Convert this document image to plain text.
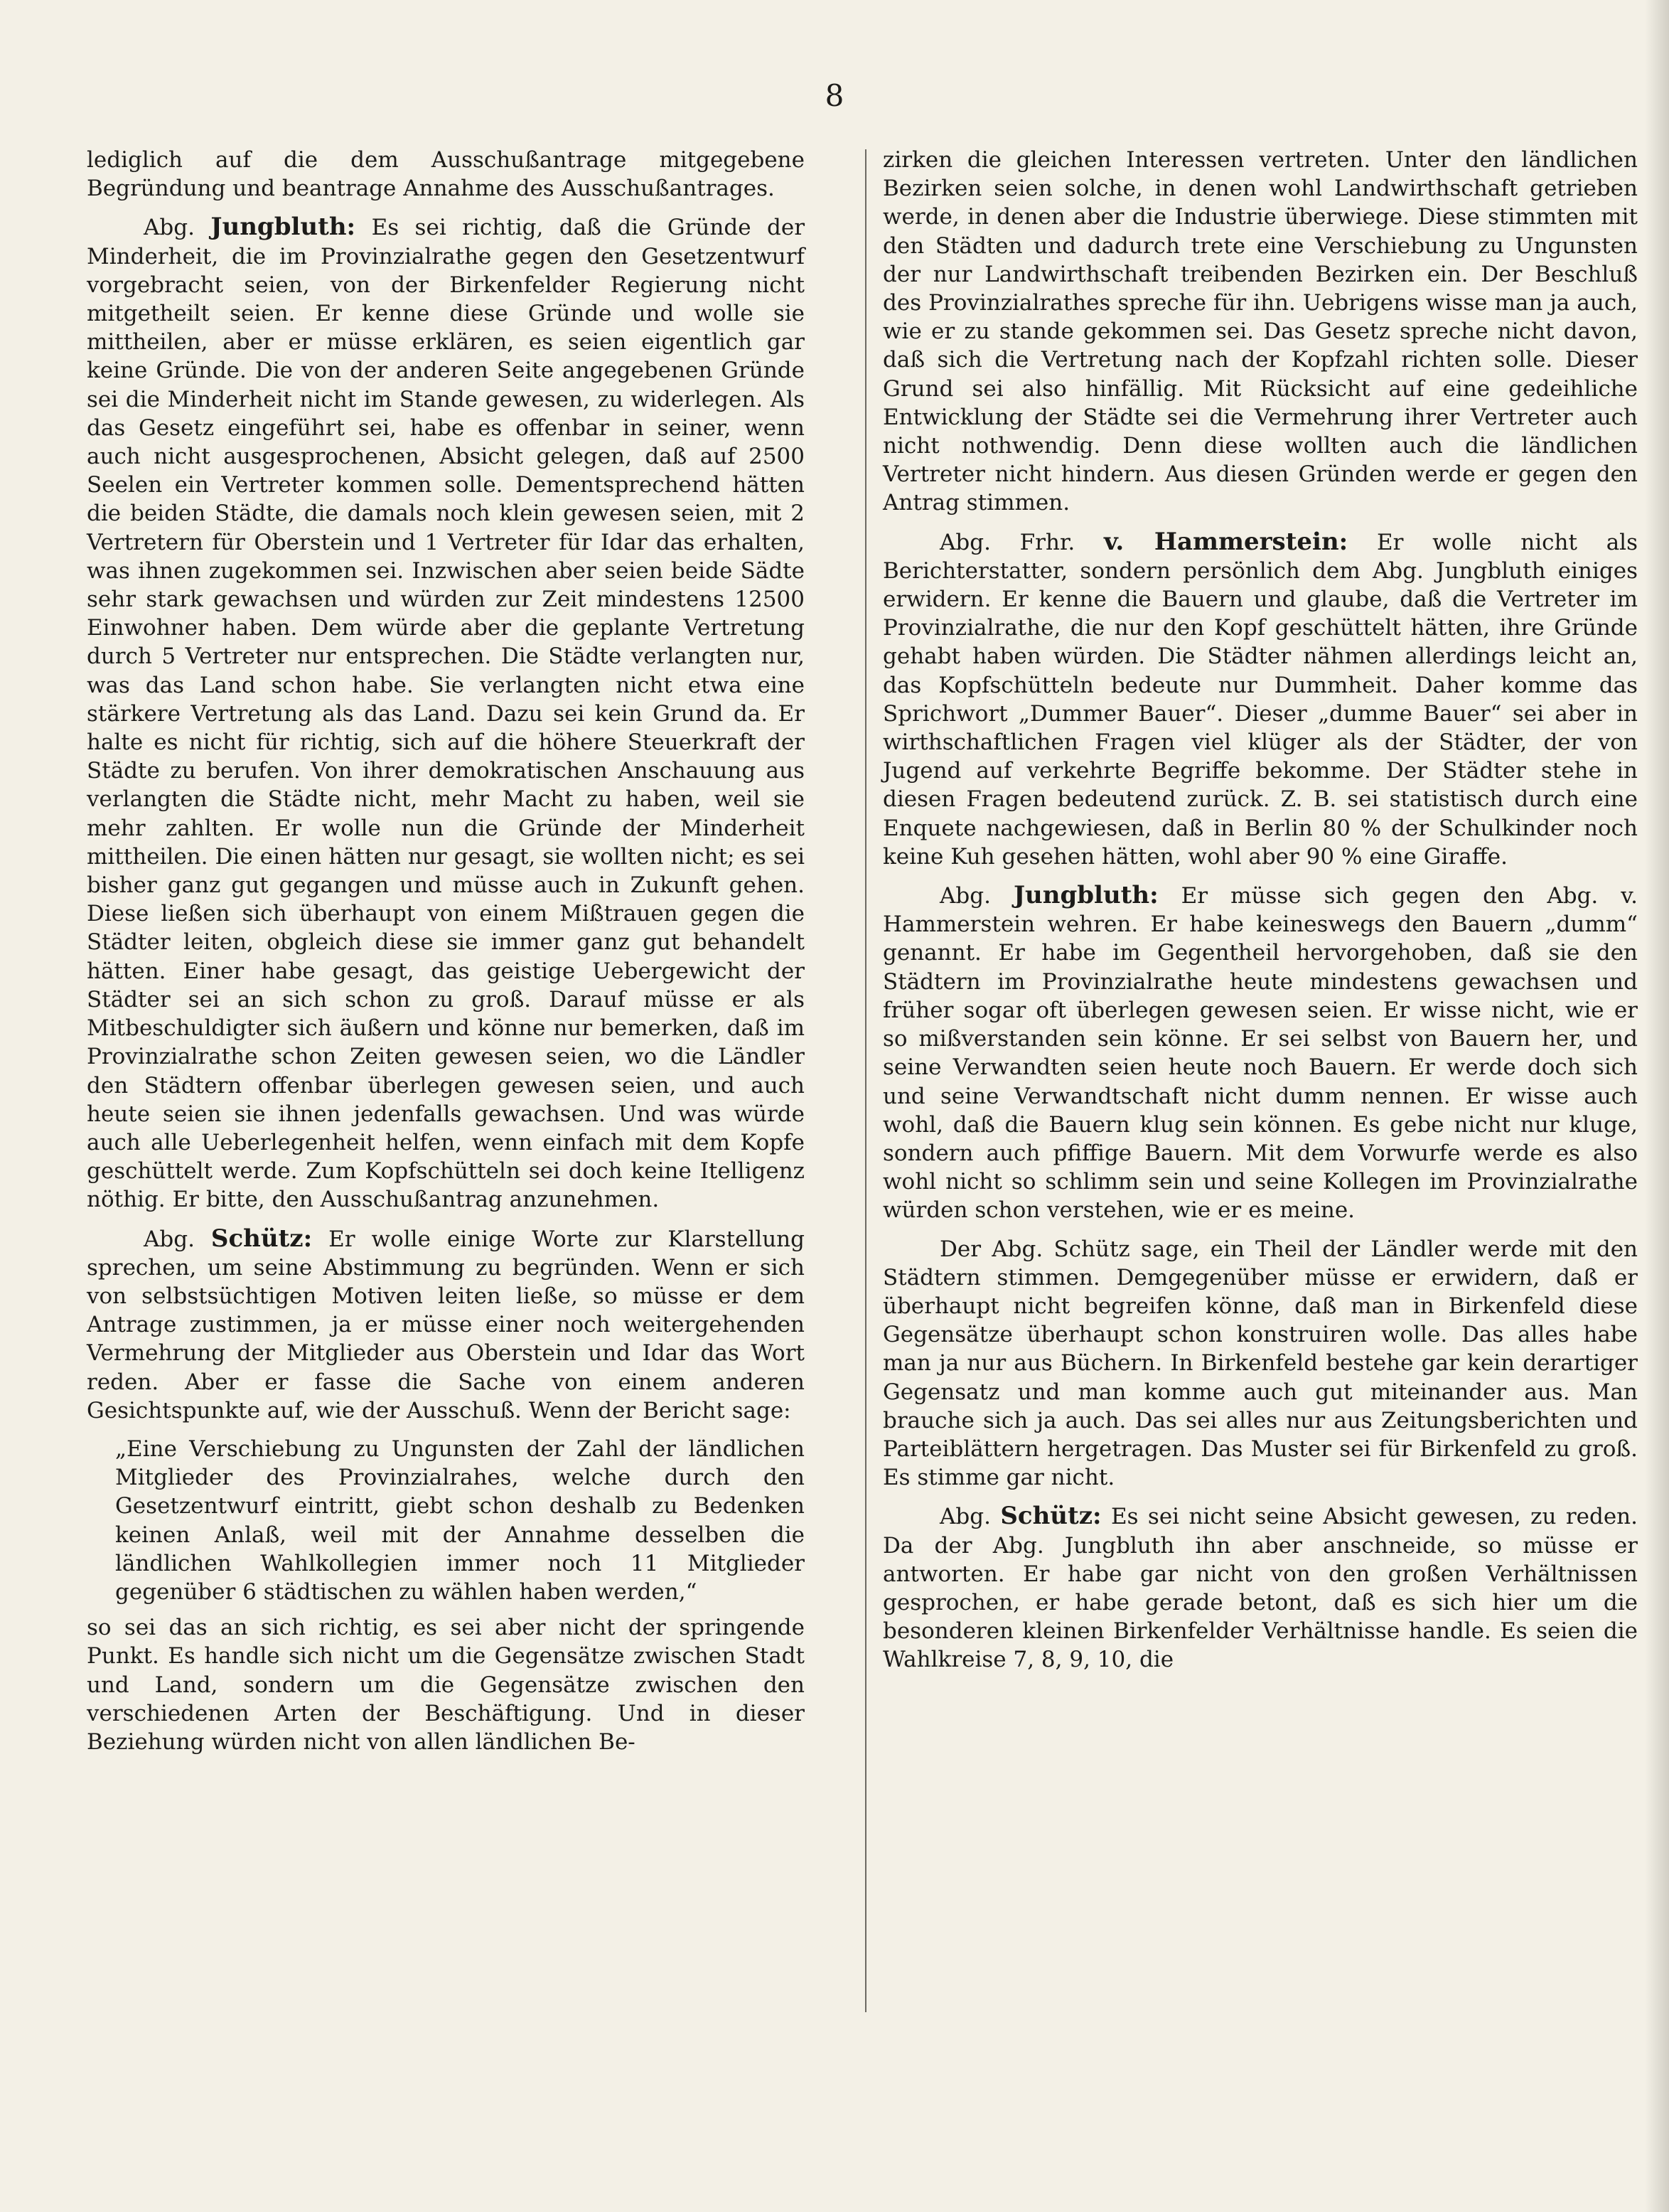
8

lediglich auf die dem Ausschußantrage mitgegebene Begründung und beantrage Annahme des Ausschußantrages.

Abg. Jungbluth: Es sei richtig, daß die Gründe der Minderheit, die im Provinzialrathe gegen den Gesetzentwurf vorgebracht seien, von der Birkenfelder Regierung nicht mitgetheilt seien. Er kenne diese Gründe und wolle sie mittheilen, aber er müsse erklären, es seien eigentlich gar keine Gründe. Die von der anderen Seite angegebenen Gründe sei die Minderheit nicht im Stande gewesen, zu widerlegen. Als das Gesetz eingeführt sei, habe es offenbar in seiner, wenn auch nicht ausgesprochenen, Absicht gelegen, daß auf 2500 Seelen ein Vertreter kommen solle. Dementsprechend hätten die beiden Städte, die damals noch klein gewesen seien, mit 2 Vertretern für Oberstein und 1 Vertreter für Idar das erhalten, was ihnen zugekommen sei. Inzwischen aber seien beide Sädte sehr stark gewachsen und würden zur Zeit mindestens 12500 Einwohner haben. Dem würde aber die geplante Vertretung durch 5 Vertreter nur entsprechen. Die Städte verlangten nur, was das Land schon habe. Sie verlangten nicht etwa eine stärkere Vertretung als das Land. Dazu sei kein Grund da. Er halte es nicht für richtig, sich auf die höhere Steuerkraft der Städte zu berufen. Von ihrer demokratischen Anschauung aus verlangten die Städte nicht, mehr Macht zu haben, weil sie mehr zahlten. Er wolle nun die Gründe der Minderheit mittheilen. Die einen hätten nur gesagt, sie wollten nicht; es sei bisher ganz gut gegangen und müsse auch in Zukunft gehen. Diese ließen sich überhaupt von einem Mißtrauen gegen die Städter leiten, obgleich diese sie immer ganz gut behandelt hätten. Einer habe gesagt, das geistige Uebergewicht der Städter sei an sich schon zu groß. Darauf müsse er als Mitbeschuldigter sich äußern und könne nur bemerken, daß im Provinzialrathe schon Zeiten gewesen seien, wo die Ländler den Städtern offenbar überlegen gewesen seien, und auch heute seien sie ihnen jedenfalls gewachsen. Und was würde auch alle Ueberlegenheit helfen, wenn einfach mit dem Kopfe geschüttelt werde. Zum Kopfschütteln sei doch keine Itelligenz nöthig. Er bitte, den Ausschußantrag anzunehmen.

Abg. Schütz: Er wolle einige Worte zur Klarstellung sprechen, um seine Abstimmung zu begründen. Wenn er sich von selbstsüchtigen Motiven leiten ließe, so müsse er dem Antrage zustimmen, ja er müsse einer noch weitergehenden Vermehrung der Mitglieder aus Oberstein und Idar das Wort reden. Aber er fasse die Sache von einem anderen Gesichtspunkte auf, wie der Ausschuß. Wenn der Bericht sage:

„Eine Verschiebung zu Ungunsten der Zahl der ländlichen Mitglieder des Provinzialrahes, welche durch den Gesetzentwurf eintritt, giebt schon deshalb zu Bedenken keinen Anlaß, weil mit der Annahme desselben die ländlichen Wahlkollegien immer noch 11 Mitglieder gegenüber 6 städtischen zu wählen haben werden,“

so sei das an sich richtig, es sei aber nicht der springende Punkt. Es handle sich nicht um die Gegensätze zwischen Stadt und Land, sondern um die Gegensätze zwischen den verschiedenen Arten der Beschäftigung. Und in dieser Beziehung würden nicht von allen ländlichen Be-

zirken die gleichen Interessen vertreten. Unter den ländlichen Bezirken seien solche, in denen wohl Landwirthschaft getrieben werde, in denen aber die Industrie überwiege. Diese stimmten mit den Städten und dadurch trete eine Verschiebung zu Ungunsten der nur Landwirthschaft treibenden Bezirken ein. Der Beschluß des Provinzialrathes spreche für ihn. Uebrigens wisse man ja auch, wie er zu stande gekommen sei. Das Gesetz spreche nicht davon, daß sich die Vertretung nach der Kopfzahl richten solle. Dieser Grund sei also hinfällig. Mit Rücksicht auf eine gedeihliche Entwicklung der Städte sei die Vermehrung ihrer Vertreter auch nicht nothwendig. Denn diese wollten auch die ländlichen Vertreter nicht hindern. Aus diesen Gründen werde er gegen den Antrag stimmen.

Abg. Frhr. v. Hammerstein: Er wolle nicht als Berichterstatter, sondern persönlich dem Abg. Jungbluth einiges erwidern. Er kenne die Bauern und glaube, daß die Vertreter im Provinzialrathe, die nur den Kopf geschüttelt hätten, ihre Gründe gehabt haben würden. Die Städter nähmen allerdings leicht an, das Kopfschütteln bedeute nur Dummheit. Daher komme das Sprichwort „Dummer Bauer“. Dieser „dumme Bauer“ sei aber in wirthschaftlichen Fragen viel klüger als der Städter, der von Jugend auf verkehrte Begriffe bekomme. Der Städter stehe in diesen Fragen bedeutend zurück. Z. B. sei statistisch durch eine Enquete nachgewiesen, daß in Berlin 80 % der Schulkinder noch keine Kuh gesehen hätten, wohl aber 90 % eine Giraffe.

Abg. Jungbluth: Er müsse sich gegen den Abg. v. Hammerstein wehren. Er habe keineswegs den Bauern „dumm“ genannt. Er habe im Gegentheil hervorgehoben, daß sie den Städtern im Provinzialrathe heute mindestens gewachsen und früher sogar oft überlegen gewesen seien. Er wisse nicht, wie er so mißverstanden sein könne. Er sei selbst von Bauern her, und seine Verwandten seien heute noch Bauern. Er werde doch sich und seine Verwandtschaft nicht dumm nennen. Er wisse auch wohl, daß die Bauern klug sein können. Es gebe nicht nur kluge, sondern auch pfiffige Bauern. Mit dem Vorwurfe werde es also wohl nicht so schlimm sein und seine Kollegen im Provinzialrathe würden schon verstehen, wie er es meine.

Der Abg. Schütz sage, ein Theil der Ländler werde mit den Städtern stimmen. Demgegenüber müsse er erwidern, daß er überhaupt nicht begreifen könne, daß man in Birkenfeld diese Gegensätze überhaupt schon konstruiren wolle. Das alles habe man ja nur aus Büchern. In Birkenfeld bestehe gar kein derartiger Gegensatz und man komme auch gut miteinander aus. Man brauche sich ja auch. Das sei alles nur aus Zeitungsberichten und Parteiblättern hergetragen. Das Muster sei für Birkenfeld zu groß. Es stimme gar nicht.

Abg. Schütz: Es sei nicht seine Absicht gewesen, zu reden. Da der Abg. Jungbluth ihn aber anschneide, so müsse er antworten. Er habe gar nicht von den großen Verhältnissen gesprochen, er habe gerade betont, daß es sich hier um die besonderen kleinen Birkenfelder Verhältnisse handle. Es seien die Wahlkreise 7, 8, 9, 10, die
